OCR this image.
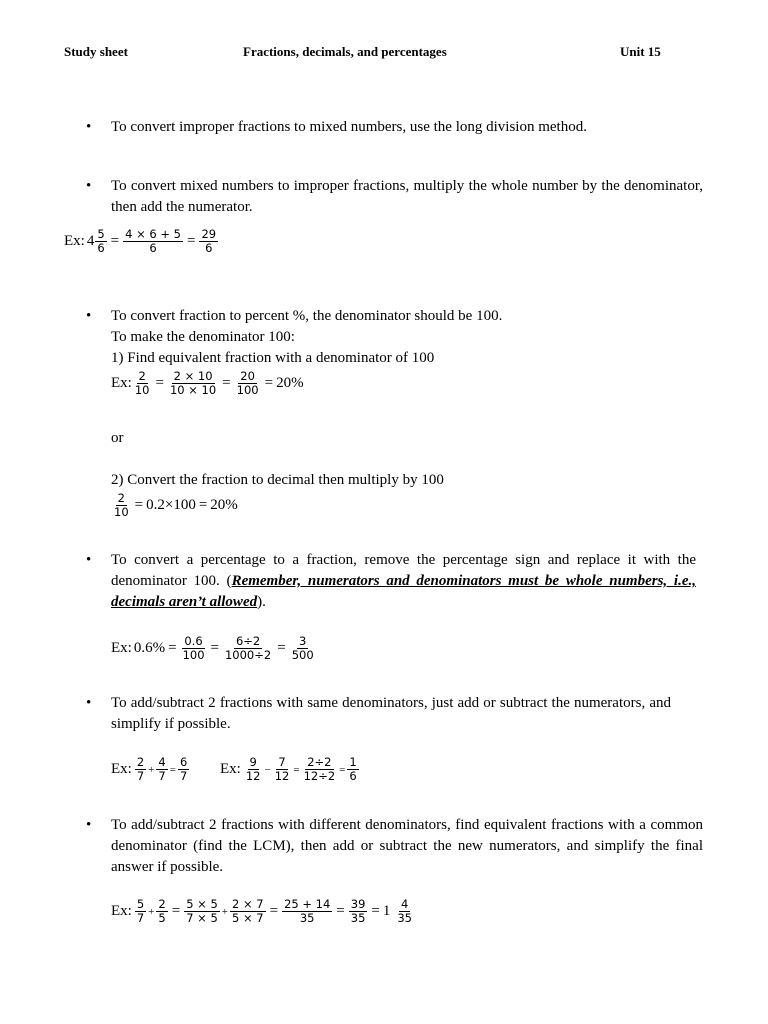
Study sheet	Fractions, decimals, and percentages	Unit 15
• To convert improper fractions to mixed numbers, use the long division method.
• To convert mixed numbers to improper fractions, multiply the whole number by the denominator, then add the numerator.
Ex: $4 \frac{5}{6} = \frac{4 \times 6 + 5}{6} = \frac{29}{6}$
• To convert fraction to percent %, the denominator should be 100.
To make the denominator 100:
1) Find equivalent fraction with a denominator of 100
Ex: $\frac{2}{10} = \frac{2 \times 10}{10 \times 10} = \frac{20}{100} = 20\%$
or
2) Convert the fraction to decimal then multiply by 100
$\frac{2}{10} = 0.2\times 100 = 20\%$
• To convert a percentage to a fraction, remove the percentage sign and replace it with the denominator 100. (Remember, numerators and denominators must be whole numbers, i.e., decimals aren’t allowed).
Ex: $0.6\% = \frac{0.6}{100} = \frac{6\div 2}{1000\div 2} = \frac{3}{500}$
• To add/subtract 2 fractions with same denominators, just add or subtract the numerators, and simplify if possible.
Ex: $\frac{2}{7} + \frac{4}{7} = \frac{6}{7} Ex$: $\frac{9}{12} - \frac{7}{12} = \frac{2\div 2}{12\div 2} = \frac{1}{6}$
• To add/subtract 2 fractions with different denominators, find equivalent fractions with a common denominator (find the LCM), then add or subtract the new numerators, and simplify the final answer if possible.
Ex: $\frac{5}{7} + \frac{2}{5} = \frac{5 \times 5}{7 \times 5} + \frac{2 \times 7}{5 \times 7} = \frac{25 + 14}{35} = \frac{39}{35} = 1 \frac{4}{35}$
